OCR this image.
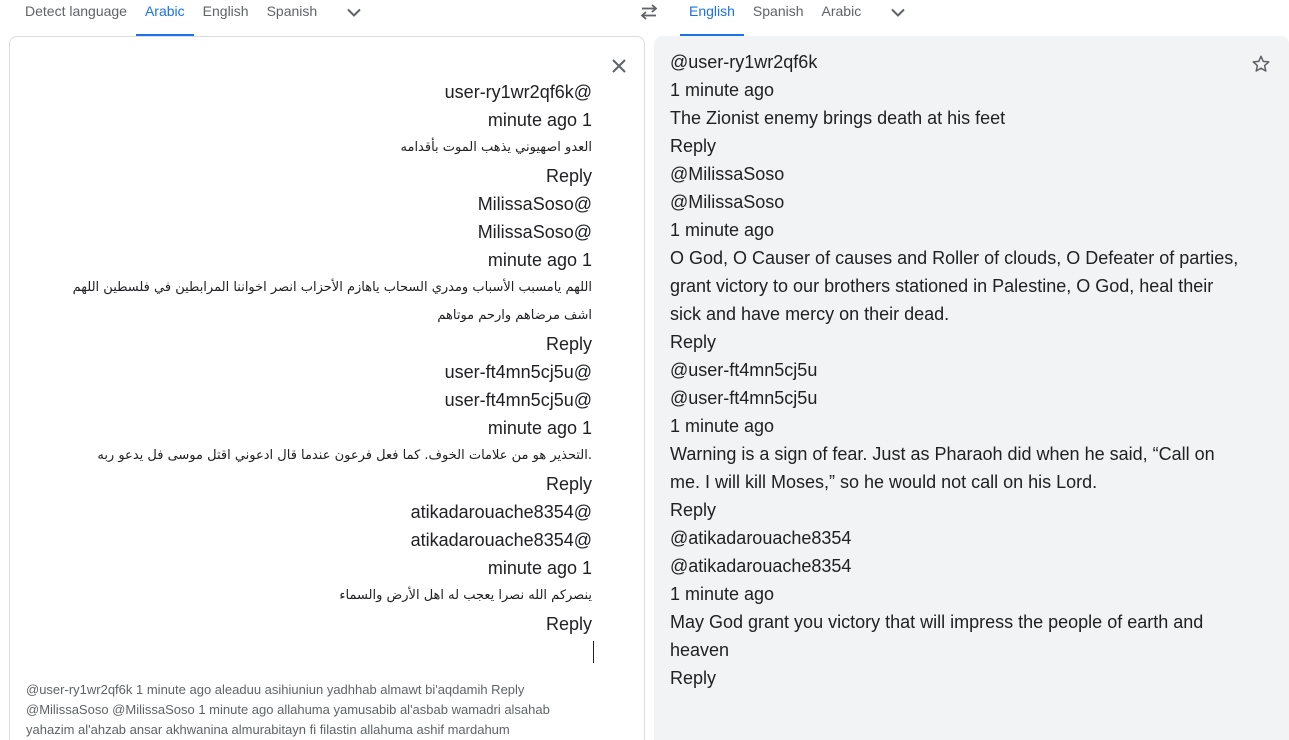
Detect language	Arabic	English	Spanish	English	Spanish	Arabic
user-ry1wr2qf6k@
minute ago 1
العدو اصهيوني يذهب الموت بأقدامه
Reply
MilissaSoso@
MilissaSoso@
minute ago 1
اللهم يامسبب الأسباب ومدري السحاب ياهازم الأحزاب انصر اخواننا المرابطين في فلسطين اللهم
اشف مرضاهم وارحم موتاهم
Reply
user-ft4mn5cj5u@
user-ft4mn5cj5u@
minute ago 1
التحذير هو من علامات الخوف. كما فعل فرعون عندما قال ادعوني اقتل موسى فل يدعو ربه.
Reply
atikadarouache8354@
atikadarouache8354@
minute ago 1
ينصركم الله نصرا يعجب له اهل الأرض والسماء
Reply
@user-ry1wr2qf6k 1 minute ago aleaduu asihiuniun yadhhab almawt bi'aqdamih Reply
@MilissaSoso @MilissaSoso 1 minute ago allahuma yamusabib al'asbab wamadri alsahab
yahazim al'ahzab ansar akhwanina almurabitayn fi filastin allahuma ashif mardahum
@user-ry1wr2qf6k
1 minute ago
The Zionist enemy brings death at his feet
Reply
@MilissaSoso
@MilissaSoso
1 minute ago
O God, O Causer of causes and Roller of clouds, O Defeater of parties,
grant victory to our brothers stationed in Palestine, O God, heal their
sick and have mercy on their dead.
Reply
@user-ft4mn5cj5u
@user-ft4mn5cj5u
1 minute ago
Warning is a sign of fear. Just as Pharaoh did when he said, “Call on
me. I will kill Moses,” so he would not call on his Lord.
Reply
@atikadarouache8354
@atikadarouache8354
1 minute ago
May God grant you victory that will impress the people of earth and
heaven
Reply
